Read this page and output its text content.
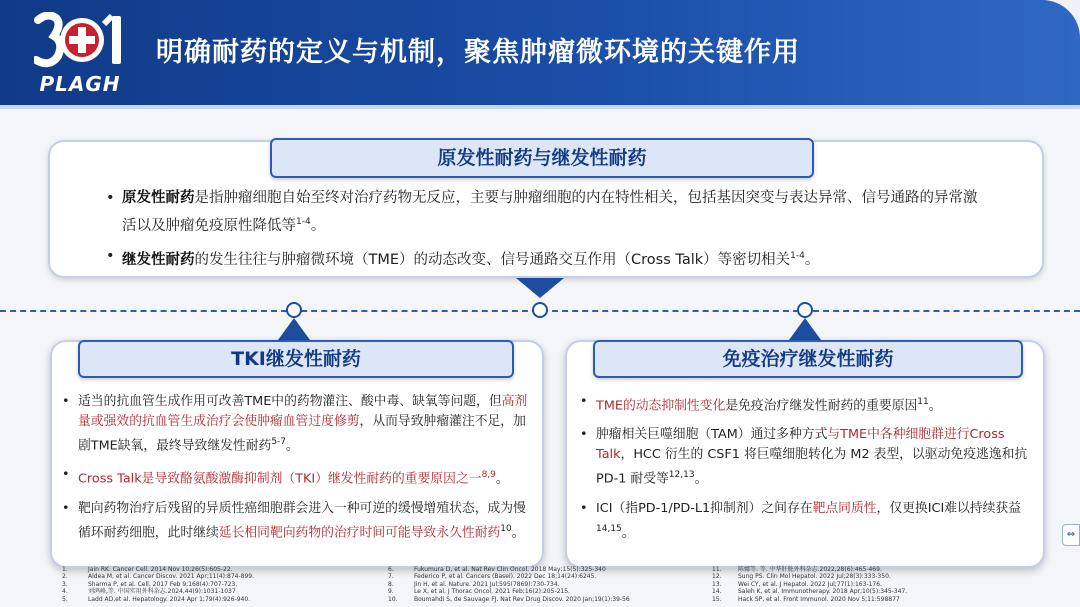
PLAGH
明确耐药的定义与机制，聚焦肿瘤微环境的关键作用
原发性耐药与继发性耐药
• 原发性耐药是指肿瘤细胞自始至终对治疗药物无反应，主要与肿瘤细胞的内在特性相关，包括基因突变与表达异常、信号通路的异常激活以及肿瘤免疫原性降低等$^{1-4}$。
• 继发性耐药的发生往往与肿瘤微环境（TME）的动态改变、信号通路交互作用（Cross Talk）等密切相关$^{1-4}$。
TKI继发性耐药
• 适当的抗血管生成作用可改善TME中的药物灌注、酸中毒、缺氧等问题，但高剂量或强效的抗血管生成治疗会使肿瘤血管过度修剪，从而导致肿瘤灌注不足，加剧TME缺氧，最终导致继发性耐药$^{5-7}$。
• Cross Talk是导致酪氨酸激酶抑制剂（TKI）继发性耐药的重要原因之一$^{8,9}$。
• 靶向药物治疗后残留的异质性癌细胞群会进入一种可逆的缓慢增殖状态，成为慢循环耐药细胞，此时继续延长相同靶向药物的治疗时间可能导致永久性耐药$^{10}$。
免疫治疗继发性耐药
• TME的动态抑制性变化是免疫治疗继发性耐药的重要原因$^{11}$。
• 肿瘤相关巨噬细胞（TAM）通过多种方式与TME中各种细胞群进行Cross Talk，HCC 衍生的 CSF1 将巨噬细胞转化为 M2 表型，以驱动免疫逃逸和抗 PD-1 耐受等$^{12,13}$。
• ICI（指PD-1/PD-L1抑制剂）之间存在靶点同质性，仅更换ICI难以持续获益$^{14,15}$。
1.	Jain RK. Cancer Cell. 2014 Nov 10;26(5):605-22.
2.	Aldea M, et al. Cancer Discov. 2021 Apr;11(4):874-899.
3.	Sharma P, et al. Cell. 2017 Feb 9;168(4):707-723.
4.	刘鸿峰,等. 中国实用外科杂志.2024,44(9):1031-1037
5.	Ladd AD,et al. Hepatology. 2024 Apr 1;79(4):926-940.
6.	Fukumura D, et al. Nat Rev Clin Oncol. 2018 May;15(5):325-340
7.	Federico P, et al. Cancers (Basel). 2022 Dec 18;14(24):6245.
8.	Jin H, et al. Nature. 2021 Jul;595(7869):730-734.
9.	Le X, et al. J Thorac Oncol. 2021 Feb;16(2):205-215.
10.	Boumahdi S, de Sauvage FJ. Nat Rev Drug Discov. 2020 Jan;19(1):39-56
11.	陈娜等. 等. 中华肝脏外科杂志.2022,28(6):465-469.
12.	Sung PS. Clin Mol Hepatol. 2022 Jul;28(3):333-350.
13.	Wei CY, et al. J Hepatol. 2022 Jul;77(1):163-176.
14.	Saleh K, et al. Immunotherapy. 2018 Apr;10(5):345-347.
15.	Hack SP, et al. Front Immunol. 2020 Nov 5;11:598877
⇔
